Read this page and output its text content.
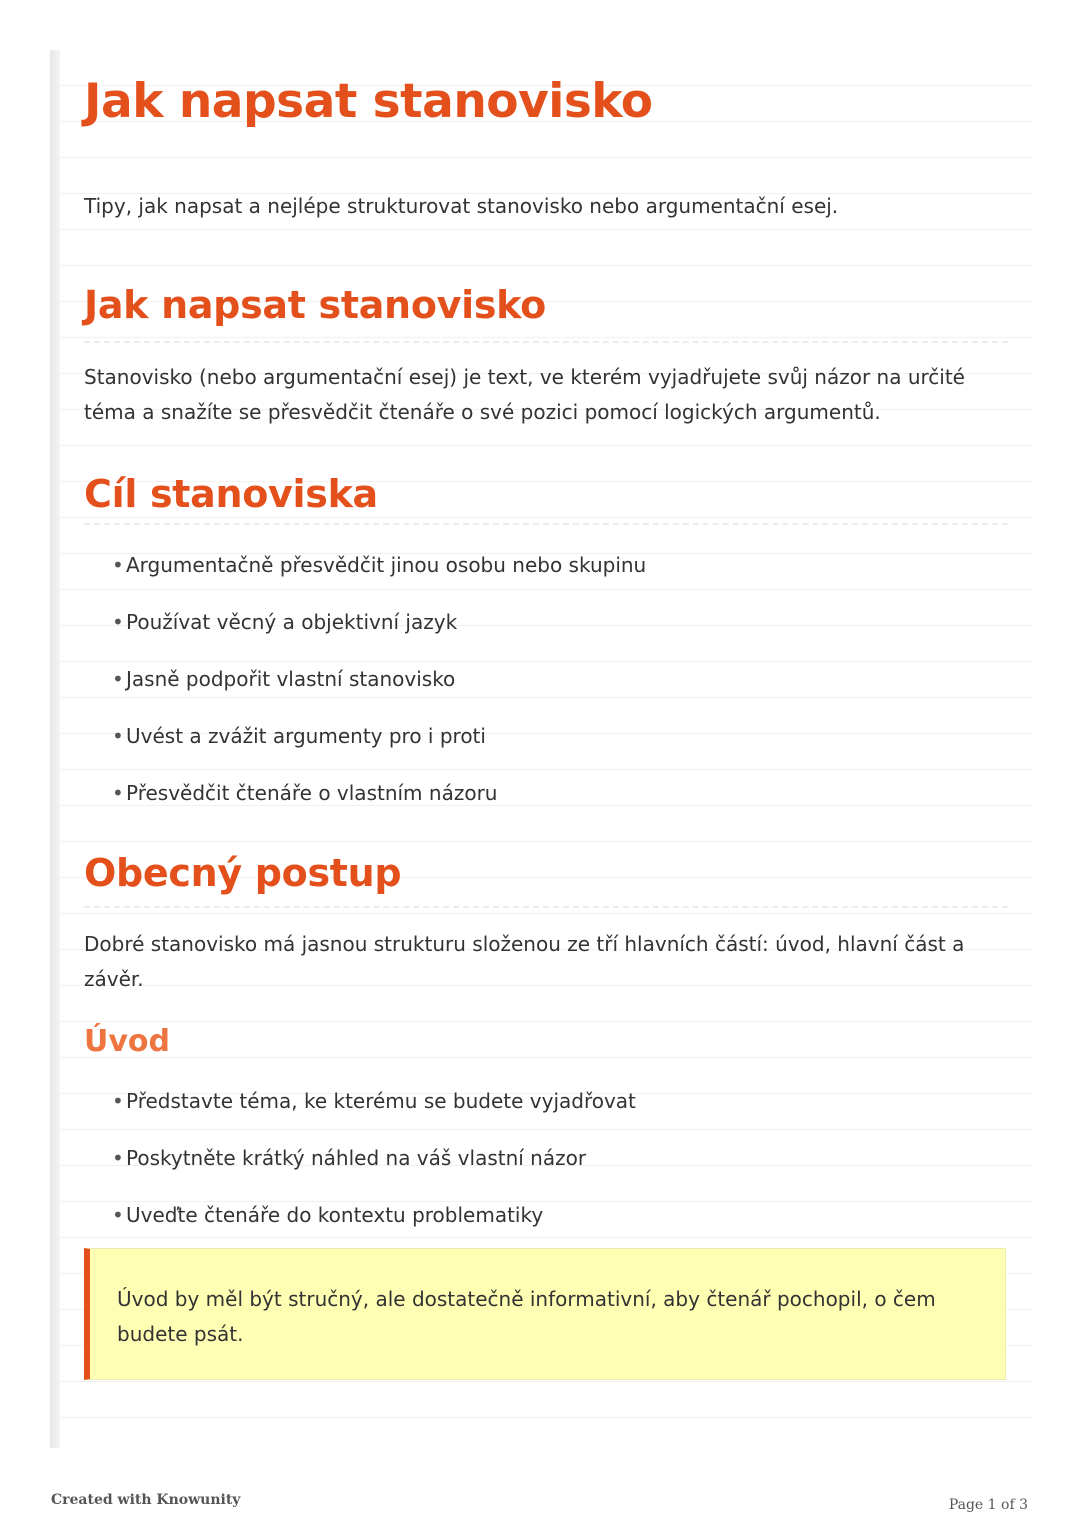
Jak napsat stanovisko

Tipy, jak napsat a nejlépe strukturovat stanovisko nebo argumentační esej.

Jak napsat stanovisko

Stanovisko (nebo argumentační esej) je text, ve kterém vyjadřujete svůj názor na určité téma a snažíte se přesvědčit čtenáře o své pozici pomocí logických argumentů.

Cíl stanoviska
• Argumentačně přesvědčit jinou osobu nebo skupinu
• Používat věcný a objektivní jazyk
• Jasně podpořit vlastní stanovisko
• Uvést a zvážit argumenty pro i proti
• Přesvědčit čtenáře o vlastním názoru
Obecný postup

Dobré stanovisko má jasnou strukturu složenou ze tří hlavních částí: úvod, hlavní část a závěr.

Úvod
• Představte téma, ke kterému se budete vyjadřovat
• Poskytněte krátký náhled na váš vlastní názor
• Uveďte čtenáře do kontextu problematiky

Úvod by měl být stručný, ale dostatečně informativní, aby čtenář pochopil, o čem budete psát.

Created with Knowunity	Page 1 of 3
